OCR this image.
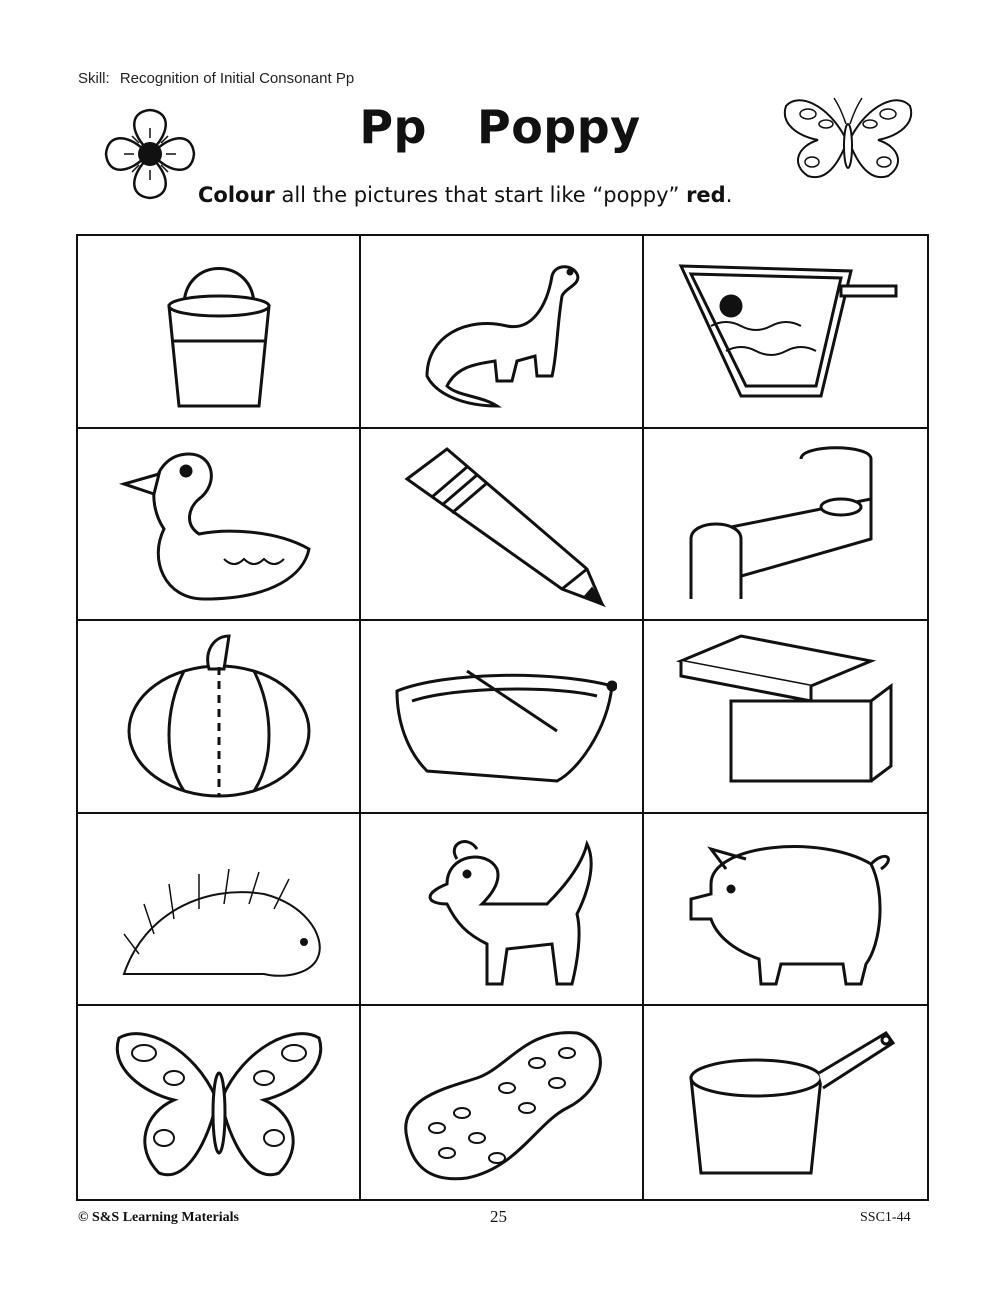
Skill: Recognition of Initial Consonant Pp
Pp Poppy
Colour all the pictures that start like “poppy” red.
© S&S Learning Materials	25	SSC1-44
